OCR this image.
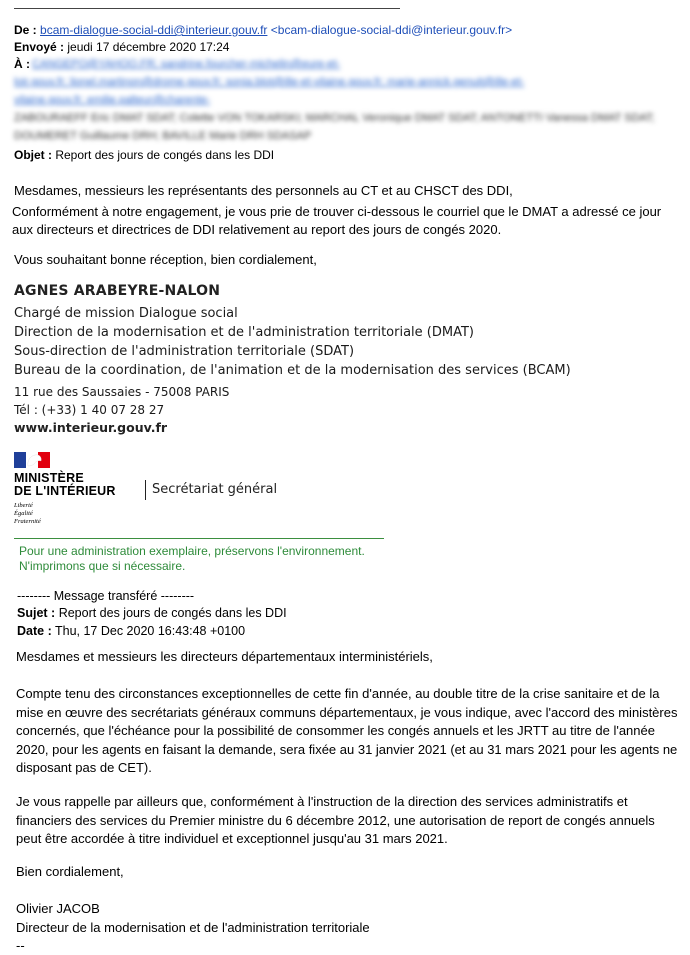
De : bcam-dialogue-social-ddi@interieur.gouv.fr <bcam-dialogue-social-ddi@interieur.gouv.fr>
Envoyé : jeudi 17 décembre 2020 17:24
À : CANGEPO@YAHOO.FR; sandrine.fourcher-michelin@eure-et-
loir.gouv.fr; lionel.martinon@drome.gouv.fr; sonia.blot@ille-et-vilaine.gouv.fr; marie-annick.genuit@ille-et-
vilaine.gouv.fr; emilie.palteur@charente-
ZABOURAEFF Eric DMAT SDAT; Colette VON TOKARSKI; MARCHAL Veronique DMAT SDAT; ANTONETTI Vanessa DMAT SDAT;
DOUMERET Guillaume DRH; BAVILLE Marie DRH SDASAP
Objet : Report des jours de congés dans les DDI
Mesdames, messieurs les représentants des personnels au CT et au CHSCT des DDI,
Conformément à notre engagement, je vous prie de trouver ci-dessous le courriel que le DMAT a adressé ce jour
aux directeurs et directrices de DDI relativement au report des jours de congés 2020.
Vous souhaitant bonne réception, bien cordialement,
AGNES ARABEYRE-NALON
Chargé de mission Dialogue social
Direction de la modernisation et de l'administration territoriale (DMAT)
Sous-direction de l'administration territoriale (SDAT)
Bureau de la coordination, de l'animation et de la modernisation des services (BCAM)
11 rue des Saussaies - 75008 PARIS
Tél : (+33) 1 40 07 28 27
www.interieur.gouv.fr
MINISTÈRE
DE L'INTÉRIEUR
Liberté
Égalité
Fraternité
Secrétariat général
Pour une administration exemplaire, préservons l'environnement.
N'imprimons que si nécessaire.
-------- Message transféré --------
Sujet : Report des jours de congés dans les DDI
Date : Thu, 17 Dec 2020 16:43:48 +0100
Mesdames et messieurs les directeurs départementaux interministériels,
Compte tenu des circonstances exceptionnelles de cette fin d'année, au double titre de la crise sanitaire et de la
mise en œuvre des secrétariats généraux communs départementaux, je vous indique, avec l'accord des ministères
concernés, que l'échéance pour la possibilité de consommer les congés annuels et les JRTT au titre de l'année
2020, pour les agents en faisant la demande, sera fixée au 31 janvier 2021 (et au 31 mars 2021 pour les agents ne
disposant pas de CET).
Je vous rappelle par ailleurs que, conformément à l'instruction de la direction des services administratifs et
financiers des services du Premier ministre du 6 décembre 2012, une autorisation de report de congés annuels
peut être accordée à titre individuel et exceptionnel jusqu'au 31 mars 2021.
Bien cordialement,
Olivier JACOB
Directeur de la modernisation et de l'administration territoriale
--
